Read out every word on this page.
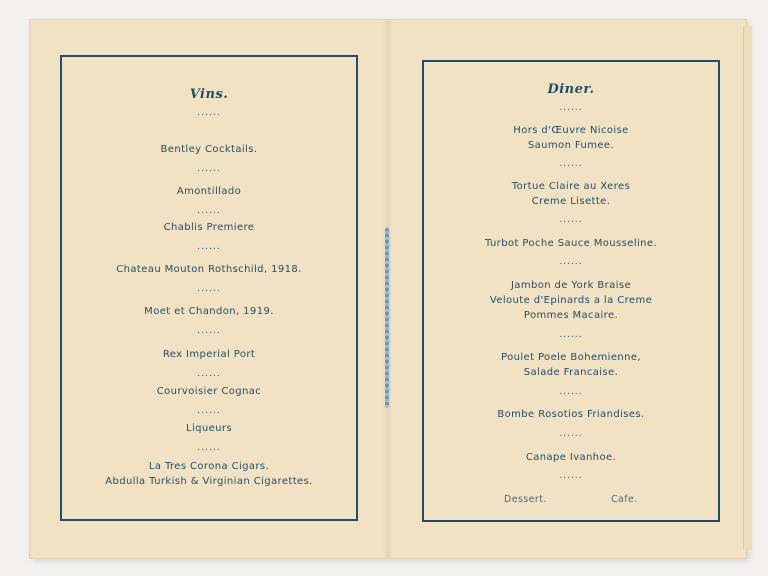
Vins.
......
Bentley Cocktails.
......
Amontillado
......
Chablis Premiere
......
Chateau Mouton Rothschild, 1918.
......
Moet et Chandon, 1919.
......
Rex Imperial Port
......
Courvoisier Cognac
......
Liqueurs
......
La Tres Corona Cigars.
Abdulla Turkish & Virginian Cigarettes.
Diner.
......
Hors d'Œuvre Nicoise
Saumon Fumee.
......
Tortue Claire au Xeres
Creme Lisette.
......
Turbot Poche Sauce Mousseline.
......
Jambon de York Braise
Veloute d'Epinards a la Creme
Pommes Macaire.
......
Poulet Poele Bohemienne,
Salade Francaise.
......
Bombe Rosotios Friandises.
......
Canape Ivanhoe.
......
Dessert.	Cafe.
